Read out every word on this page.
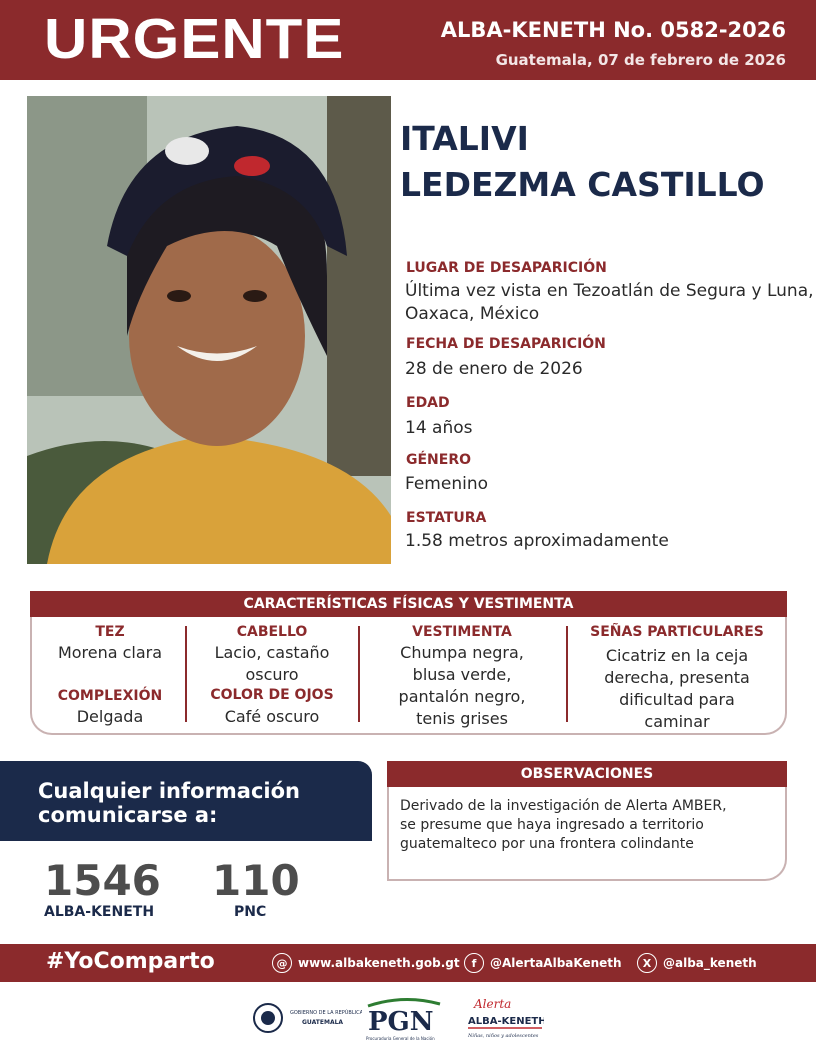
URGENTE	ALBA-KENETH No. 0582-2026
Guatemala, 07 de febrero de 2026
ITALIVI
LEDEZMA CASTILLO
LUGAR DE DESAPARICIÓN
Última vez vista en Tezoatlán de Segura y Luna,
Oaxaca, México
FECHA DE DESAPARICIÓN
28 de enero de 2026
EDAD
14 años
GÉNERO
Femenino
ESTATURA
1.58 metros aproximadamente
CARACTERÍSTICAS FÍSICAS Y VESTIMENTA
TEZ
Morena clara
COMPLEXIÓN
Delgada
CABELLO
Lacio, castaño
oscuro
COLOR DE OJOS
Café oscuro
VESTIMENTA
Chumpa negra,
blusa verde,
pantalón negro,
tenis grises
SEÑAS PARTICULARES
Cicatriz en la ceja
derecha, presenta
dificultad para
caminar
Cualquier información
comunicarse a:
1546
ALBA-KENETH
110
PNC
OBSERVACIONES
Derivado de la investigación de Alerta AMBER,
se presume que haya ingresado a territorio
guatemalteco por una frontera colindante
#YoComparto	@ www.albakeneth.gob.gt	f	@AlertaAlbaKeneth	X @alba_keneth
GOBIERNO DE LA REPÚBLICA
GUATEMALA PGN
Procuraduría General de la Nación
Alerta
ALBA-KENETH
Niñas, niños y adolescentes
